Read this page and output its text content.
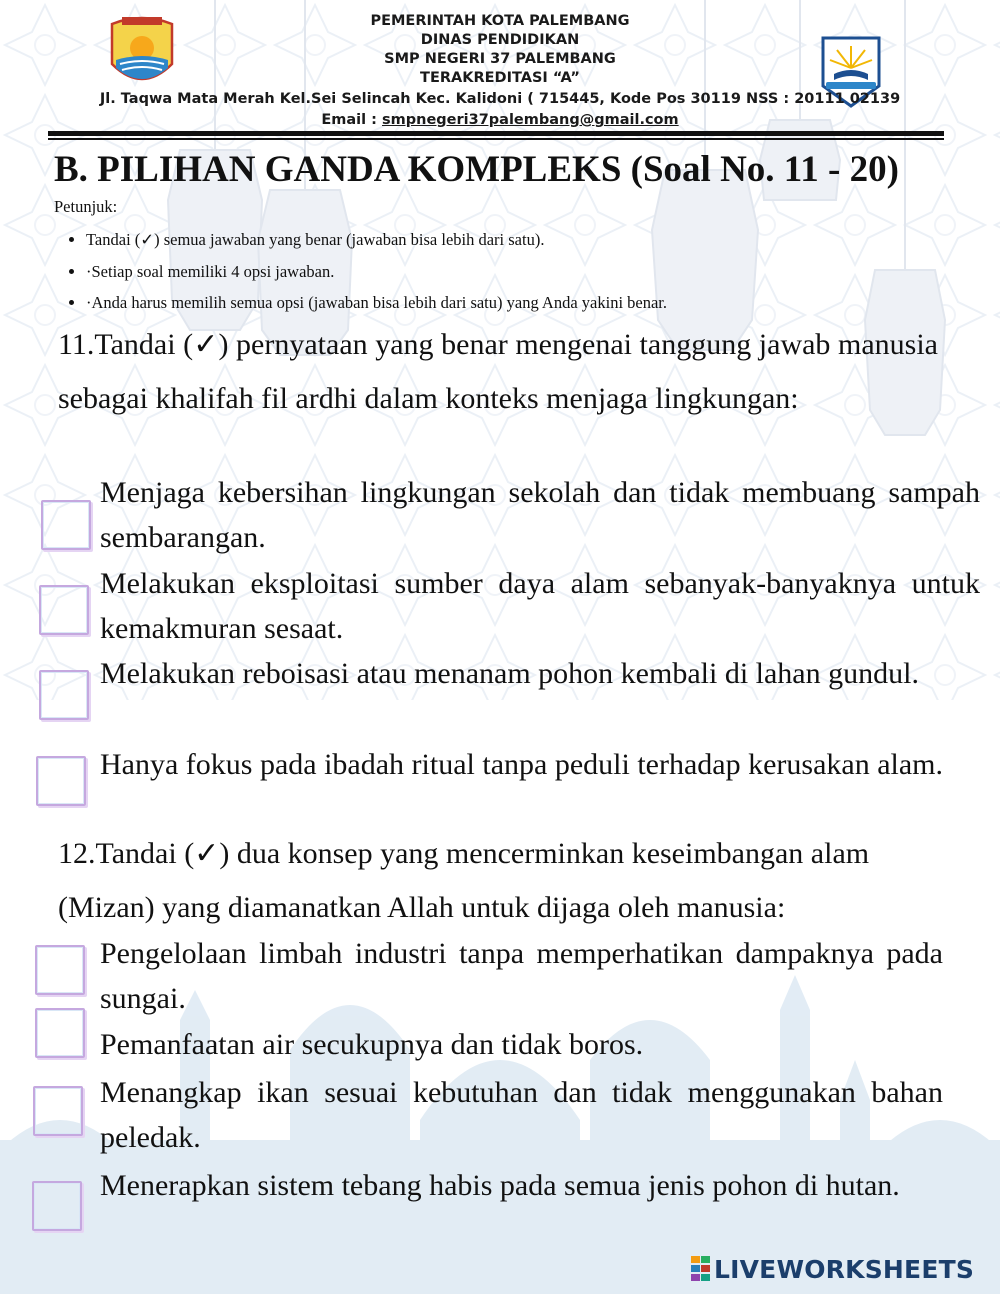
PEMERINTAH KOTA PALEMBANG
DINAS PENDIDIKAN
SMP NEGERI 37 PALEMBANG
TERAKREDITASI “A”
Jl. Taqwa Mata Merah Kel.Sei Selincah Kec. Kalidoni ( 715445, Kode Pos 30119 NSS : 20111 02139
Email : smpnegeri37palembang@gmail.com
B. PILIHAN GANDA KOMPLEKS (Soal No. 11 - 20)
Petunjuk:
• Tandai (✓) semua jawaban yang benar (jawaban bisa lebih dari satu).
• ·Setiap soal memiliki 4 opsi jawaban.
• ·Anda harus memilih semua opsi (jawaban bisa lebih dari satu) yang Anda yakini benar.
11.Tandai (✓) pernyataan yang benar mengenai tanggung jawab manusia sebagai khalifah fil ardhi dalam konteks menjaga lingkungan:
Menjaga kebersihan lingkungan sekolah dan tidak membuang sampah sembarangan.
Melakukan eksploitasi sumber daya alam sebanyak-banyaknya untuk kemakmuran sesaat.
Melakukan reboisasi atau menanam pohon kembali di lahan gundul.
Hanya fokus pada ibadah ritual tanpa peduli terhadap kerusakan alam.
12.Tandai (✓) dua konsep yang mencerminkan keseimbangan alam
(Mizan) yang diamanatkan Allah untuk dijaga oleh manusia:
Pengelolaan limbah industri tanpa memperhatikan dampaknya pada sungai.
Pemanfaatan air secukupnya dan tidak boros.
Menangkap ikan sesuai kebutuhan dan tidak menggunakan bahan peledak.
Menerapkan sistem tebang habis pada semua jenis pohon di hutan.
LIVEWORKSHEETS
